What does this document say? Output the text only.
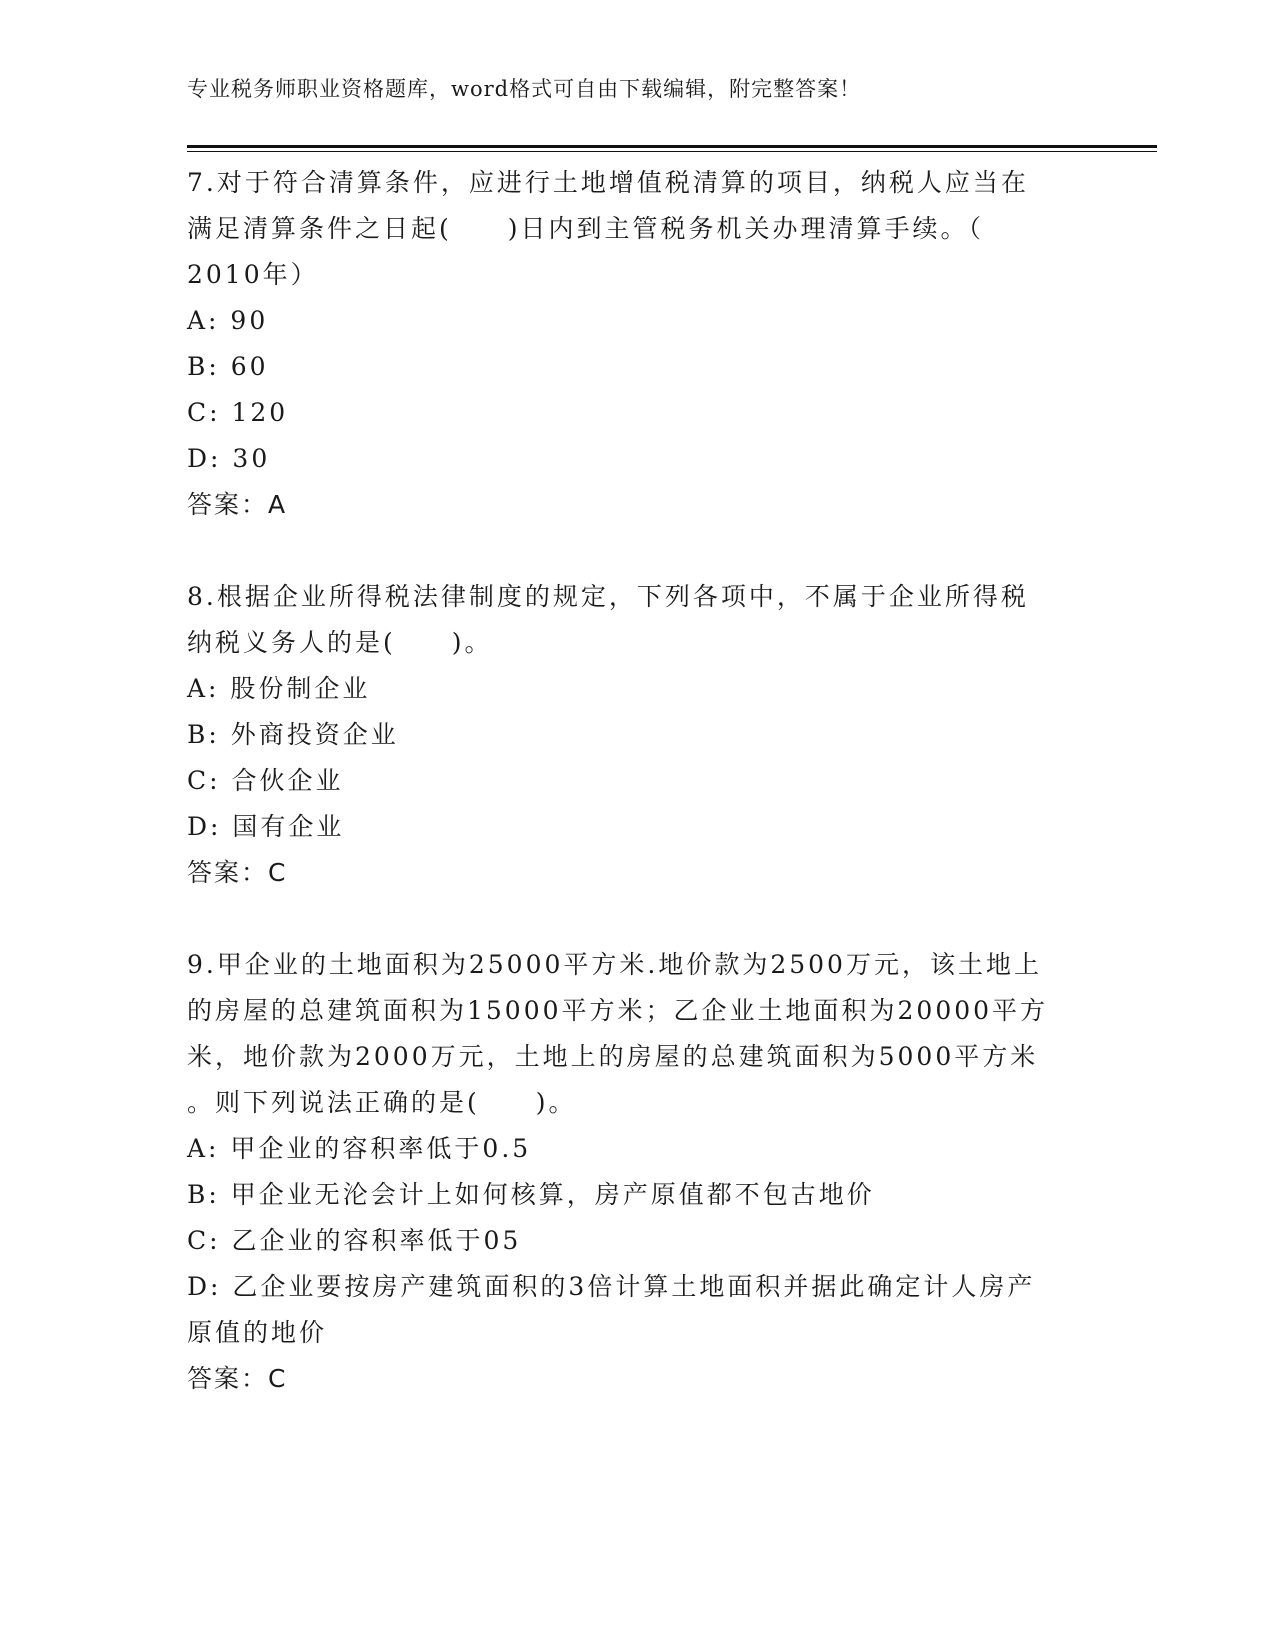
专业税务师职业资格题库，word格式可自由下载编辑，附完整答案！
7.对于符合清算条件，应进行土地增值税清算的项目，纳税人应当在
满足清算条件之日起(　　)日内到主管税务机关办理清算手续。（
2010年）
A: 90
B: 60
C: 120
D: 30
答案：A
8.根据企业所得税法律制度的规定，下列各项中，不属于企业所得税
纳税义务人的是(　　)。
A: 股份制企业
B: 外商投资企业
C: 合伙企业
D: 国有企业
答案：C
9.甲企业的土地面积为25000平方米.地价款为2500万元，该土地上
的房屋的总建筑面积为15000平方米；乙企业土地面积为20000平方
米，地价款为2000万元，土地上的房屋的总建筑面积为5000平方米
。则下列说法正确的是(　　)。
A: 甲企业的容积率低于0.5
B: 甲企业无沦会计上如何核算，房产原值都不包古地价
C: 乙企业的容积率低于05
D: 乙企业要按房产建筑面积的3倍计算土地面积并据此确定计人房产
原值的地价
答案：C
